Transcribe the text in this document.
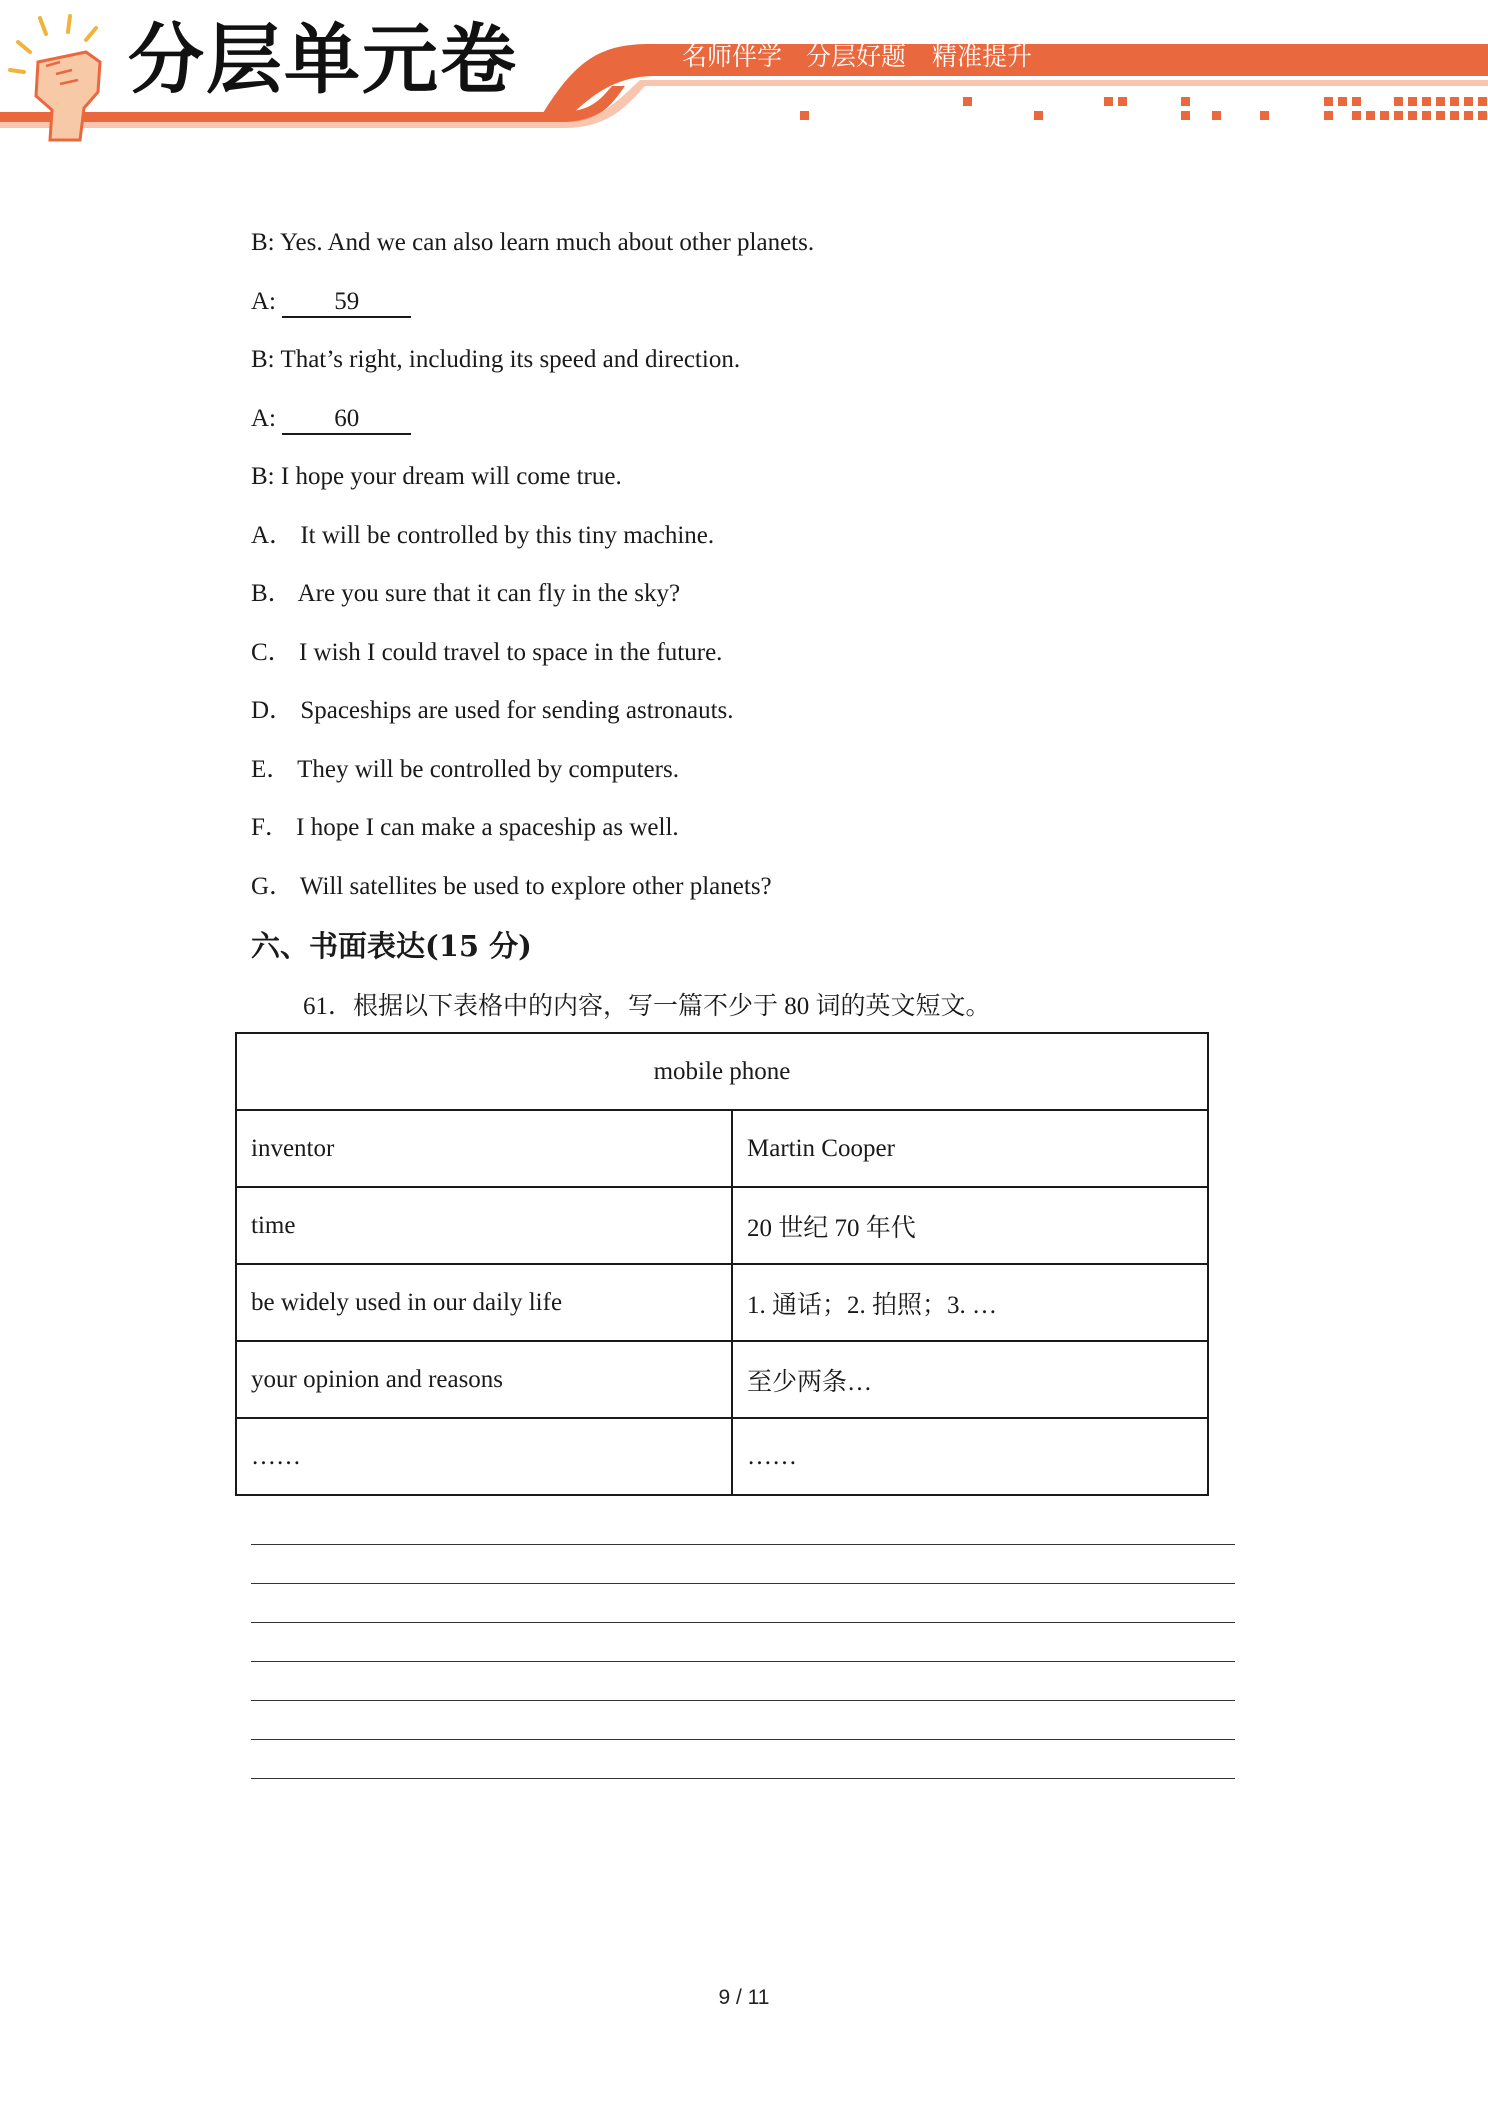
分层单元卷	名师伴学 分层好题 精准提升
B: Yes. And we can also learn much about other planets.
A: 59
B: That’s right, including its speed and direction.
A: 60
B: I hope your dream will come true.
A． It will be controlled by this tiny machine.
B． Are you sure that it can fly in the sky?
C． I wish I could travel to space in the future.
D． Spaceships are used for sending astronauts.
E． They will be controlled by computers.
F． I hope I can make a spaceship as well.
G． Will satellites be used to explore other planets?
六、书面表达(15 分)
61．根据以下表格中的内容，写一篇不少于 80 词的英文短文。
mobile phone	
inventor	Martin Cooper
time	20 世纪 70 年代
be widely used in our daily life	1. 通话；2. 拍照；3. …
your opinion and reasons	至少两条…
……	……
9 / 11
